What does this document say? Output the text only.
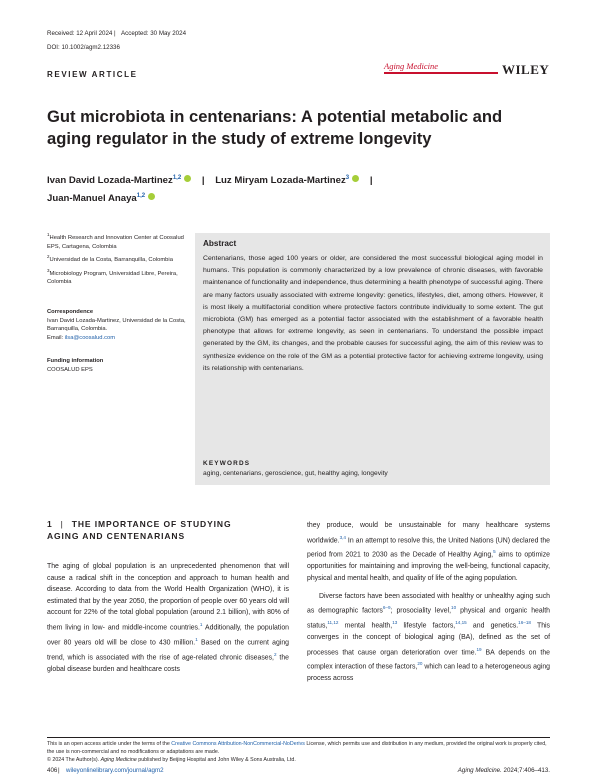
Received: 12 April 2024 | Accepted: 30 May 2024
DOI: 10.1002/agm2.12336
REVIEW ARTICLE
Aging Medicine	WILEY
Gut microbiota in centenarians: A potential metabolic and
aging regulator in the study of extreme longevity
Ivan David Lozada-Martinez$^{1,2}$ | Luz Miryam Lozada-Martinez$^3$ |
Juan-Manuel Anaya$^{1,2}$
$^1$Health Research and Innovation Center at Coosalud EPS, Cartagena, Colombia
$^2$Universidad de la Costa, Barranquilla, Colombia
$^3$Microbiology Program, Universidad Libre, Pereira, Colombia
Correspondence
Ivan David Lozada-Martinez, Universidad de la Costa, Barranquilla, Colombia.
Email: ilsa@coosalud.com
Funding information
COOSALUD EPS
Abstract
Centenarians, those aged 100 years or older, are considered the most successful biological aging model in humans. This population is commonly characterized by a low prevalence of chronic diseases, with favorable maintenance of functionality and independence, thus determining a health phenotype of successful aging. There are many factors usually associated with extreme longevity: genetics, lifestyles, diet, among others. However, it is most likely a multifactorial condition where protective factors contribute individually to some extent. The gut microbiota (GM) has emerged as a potential factor associated with the establishment of a favorable health phenotype that allows for extreme longevity, as seen in centenarians. To understand the possible impact generated by the GM, its changes, and the probable causes for successful aging, the aim of this review was to synthesize evidence on the role of the GM as a potential protective factor for achieving extreme longevity, using its relationship with centenarians.
KEYWORDS
aging, centenarians, geroscience, gut, healthy aging, longevity
1 | THE IMPORTANCE OF STUDYING
AGING AND CENTENARIANS

The aging of global population is an unprecedented phenomenon that will cause a radical shift in the conception and approach to human health and disease. According to data from the World Health Organization (WHO), it is estimated that by the year 2050, the proportion of people over 60 years old will account for 22% of the total global population (around 2.1 billion), with 80% of them living in low- and middle-income countries.$^1$ Additionally, the population over 80 years old will be close to 430 million.$^1$ Based on the current aging trend, which is associated with the rise of age-related chronic diseases,$^2$ the global disease burden and healthcare costs

they produce, would be unsustainable for many healthcare systems worldwide.$^{3,4}$ In an attempt to resolve this, the United Nations (UN) declared the period from 2021 to 2030 as the Decade of Healthy Aging,$^5$ aims to optimize opportunities for maintaining and improving the well-being, functional capacity, physical and mental health, and quality of life of the aging population.

Diverse factors have been associated with healthy or unhealthy aging such as demographic factors$^{6-9}$; prosociality level,$^{10}$ physical and organic health status,$^{11,12}$ mental health,$^{13}$ lifestyle factors,$^{14,15}$ and genetics.$^{16-18}$ This converges in the concept of biological aging (BA), defined as the set of processes that cause organ deterioration over time.$^{19}$ BA depends on the complex interaction of these factors,$^{20}$ which can lead to a heterogeneous aging process across

This is an open access article under the terms of the Creative Commons Attribution-NonCommercial-NoDerivs License, which permits use and distribution in any medium, provided the original work is properly cited, the use is non-commercial and no modifications or adaptations are made.
© 2024 The Author(s). Aging Medicine published by Beijing Hospital and John Wiley & Sons Australia, Ltd.
406 | wileyonlinelibrary.com/journal/agm2	Aging Medicine. 2024;7:406–413.
